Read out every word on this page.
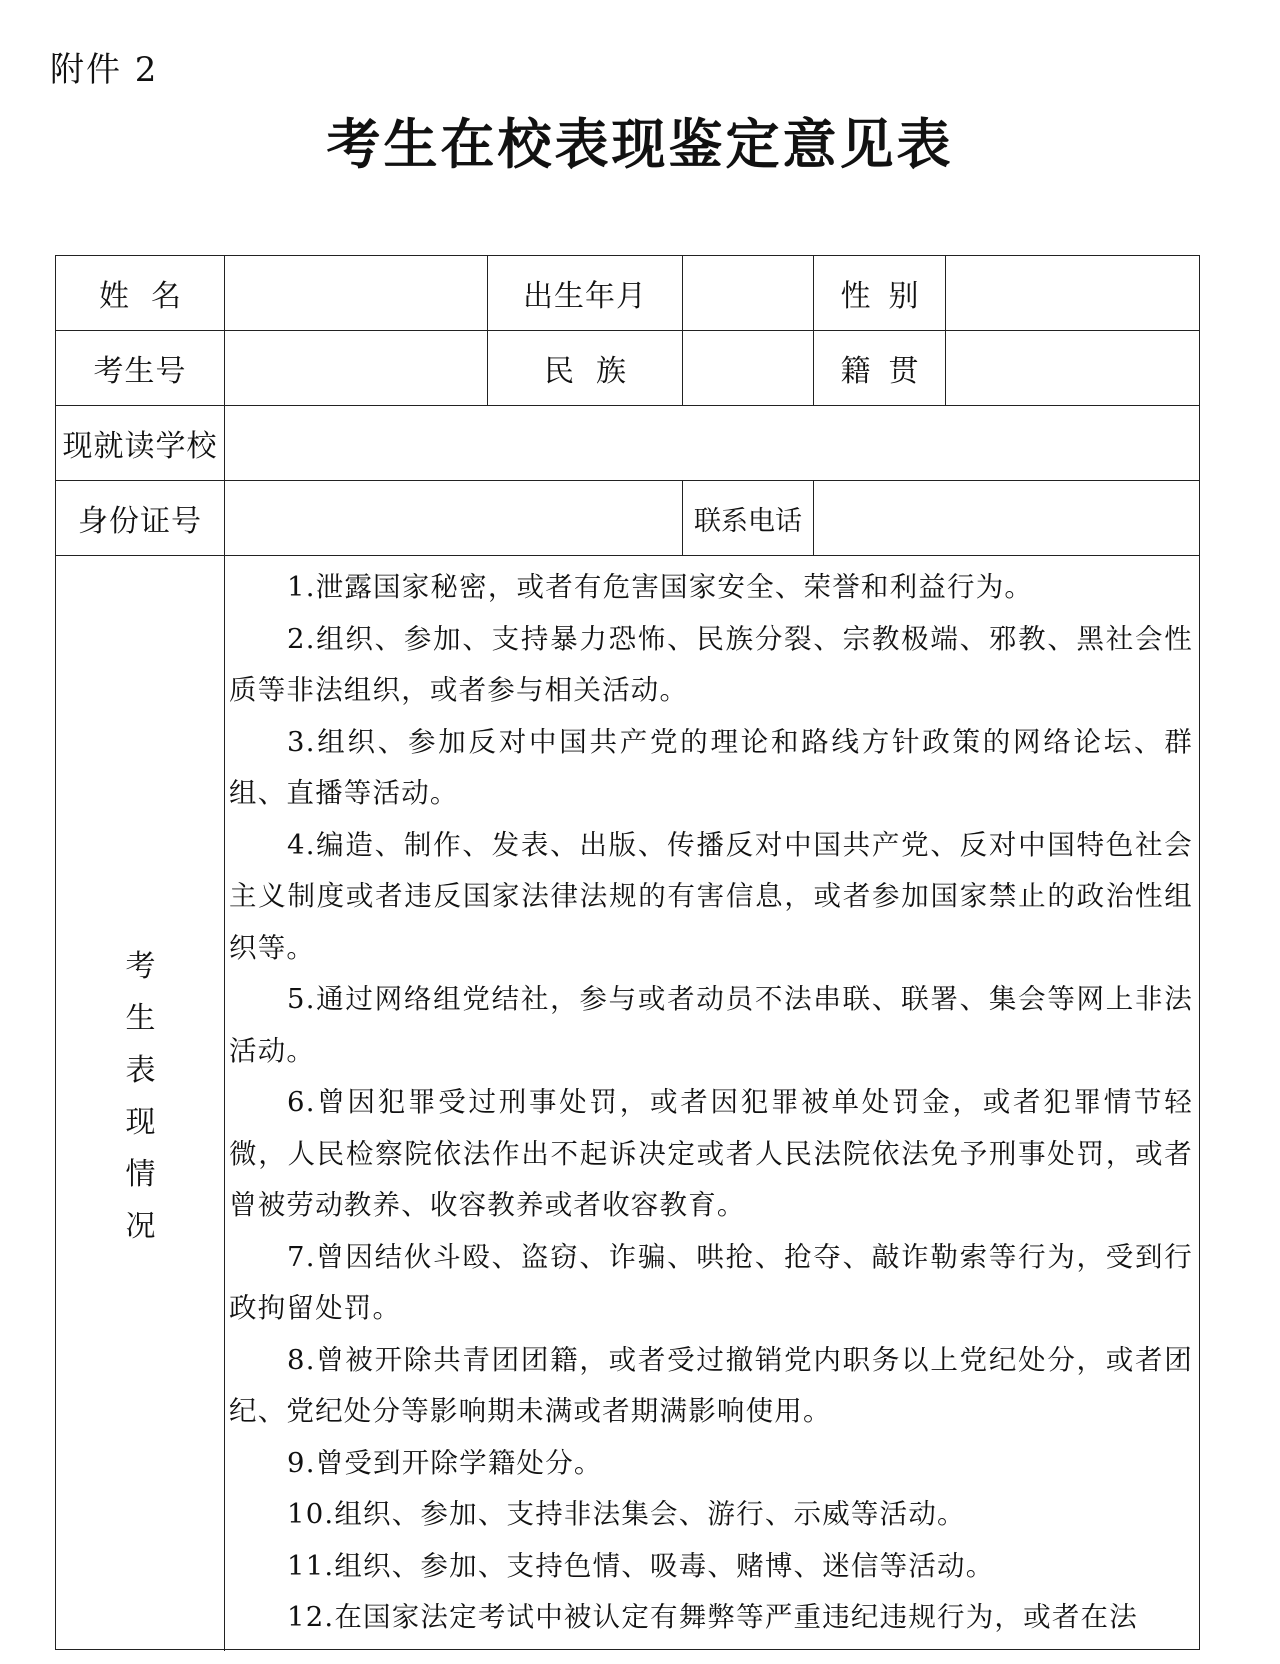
附件 2
考生在校表现鉴定意见表
姓名	出生年月	性别
考生号	民族	籍贯
现就读学校
身份证号	联系电话
考
生
表
现
情
况

1.泄露国家秘密，或者有危害国家安全、荣誉和利益行为。

2.组织、参加、支持暴力恐怖、民族分裂、宗教极端、邪教、黑社会性质等非法组织，或者参与相关活动。

3.组织、参加反对中国共产党的理论和路线方针政策的网络论坛、群组、直播等活动。

4.编造、制作、发表、出版、传播反对中国共产党、反对中国特色社会主义制度或者违反国家法律法规的有害信息，或者参加国家禁止的政治性组织等。

5.通过网络组党结社，参与或者动员不法串联、联署、集会等网上非法活动。

6.曾因犯罪受过刑事处罚，或者因犯罪被单处罚金，或者犯罪情节轻微，人民检察院依法作出不起诉决定或者人民法院依法免予刑事处罚，或者曾被劳动教养、收容教养或者收容教育。

7.曾因结伙斗殴、盗窃、诈骗、哄抢、抢夺、敲诈勒索等行为，受到行政拘留处罚。

8.曾被开除共青团团籍，或者受过撤销党内职务以上党纪处分，或者团纪、党纪处分等影响期未满或者期满影响使用。

9.曾受到开除学籍处分。

10.组织、参加、支持非法集会、游行、示威等活动。

11.组织、参加、支持色情、吸毒、赌博、迷信等活动。

12.在国家法定考试中被认定有舞弊等严重违纪违规行为，或者在法
